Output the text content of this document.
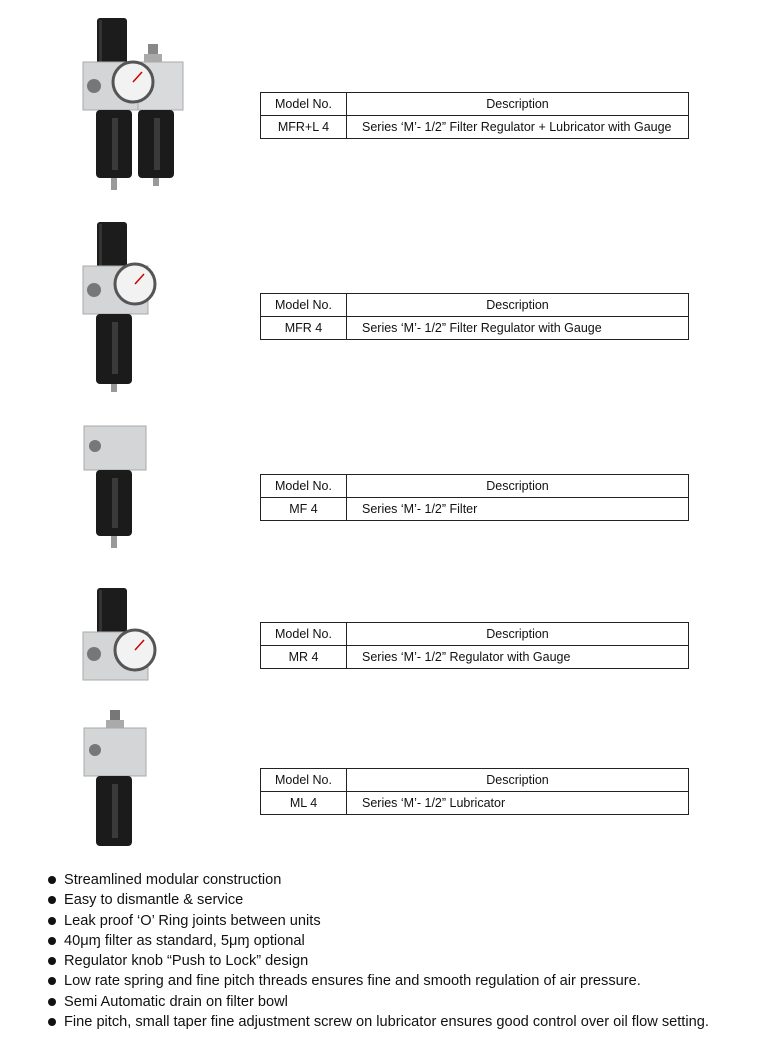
Model No.	Description
MFR+L 4	Series ‘M’- 1/2” Filter Regulator + Lubricator with Gauge
Model No.	Description
MFR 4	Series ‘M’- 1/2” Filter Regulator with Gauge
Model No.	Description
MF 4	Series ‘M’- 1/2” Filter
Model No.	Description
MR 4	Series ‘M’- 1/2” Regulator with Gauge
Model No.	Description
ML 4	Series ‘M’- 1/2” Lubricator
Streamlined modular construction
Easy to dismantle & service
Leak proof ‘O’ Ring joints between units
40μɱ filter as standard, 5μɱ optional
Regulator knob “Push to Lock” design
Low rate spring and fine pitch threads ensures fine and smooth regulation of air pressure.
Semi Automatic drain on filter bowl
Fine pitch, small taper fine adjustment screw on lubricator ensures good control over oil flow setting.
